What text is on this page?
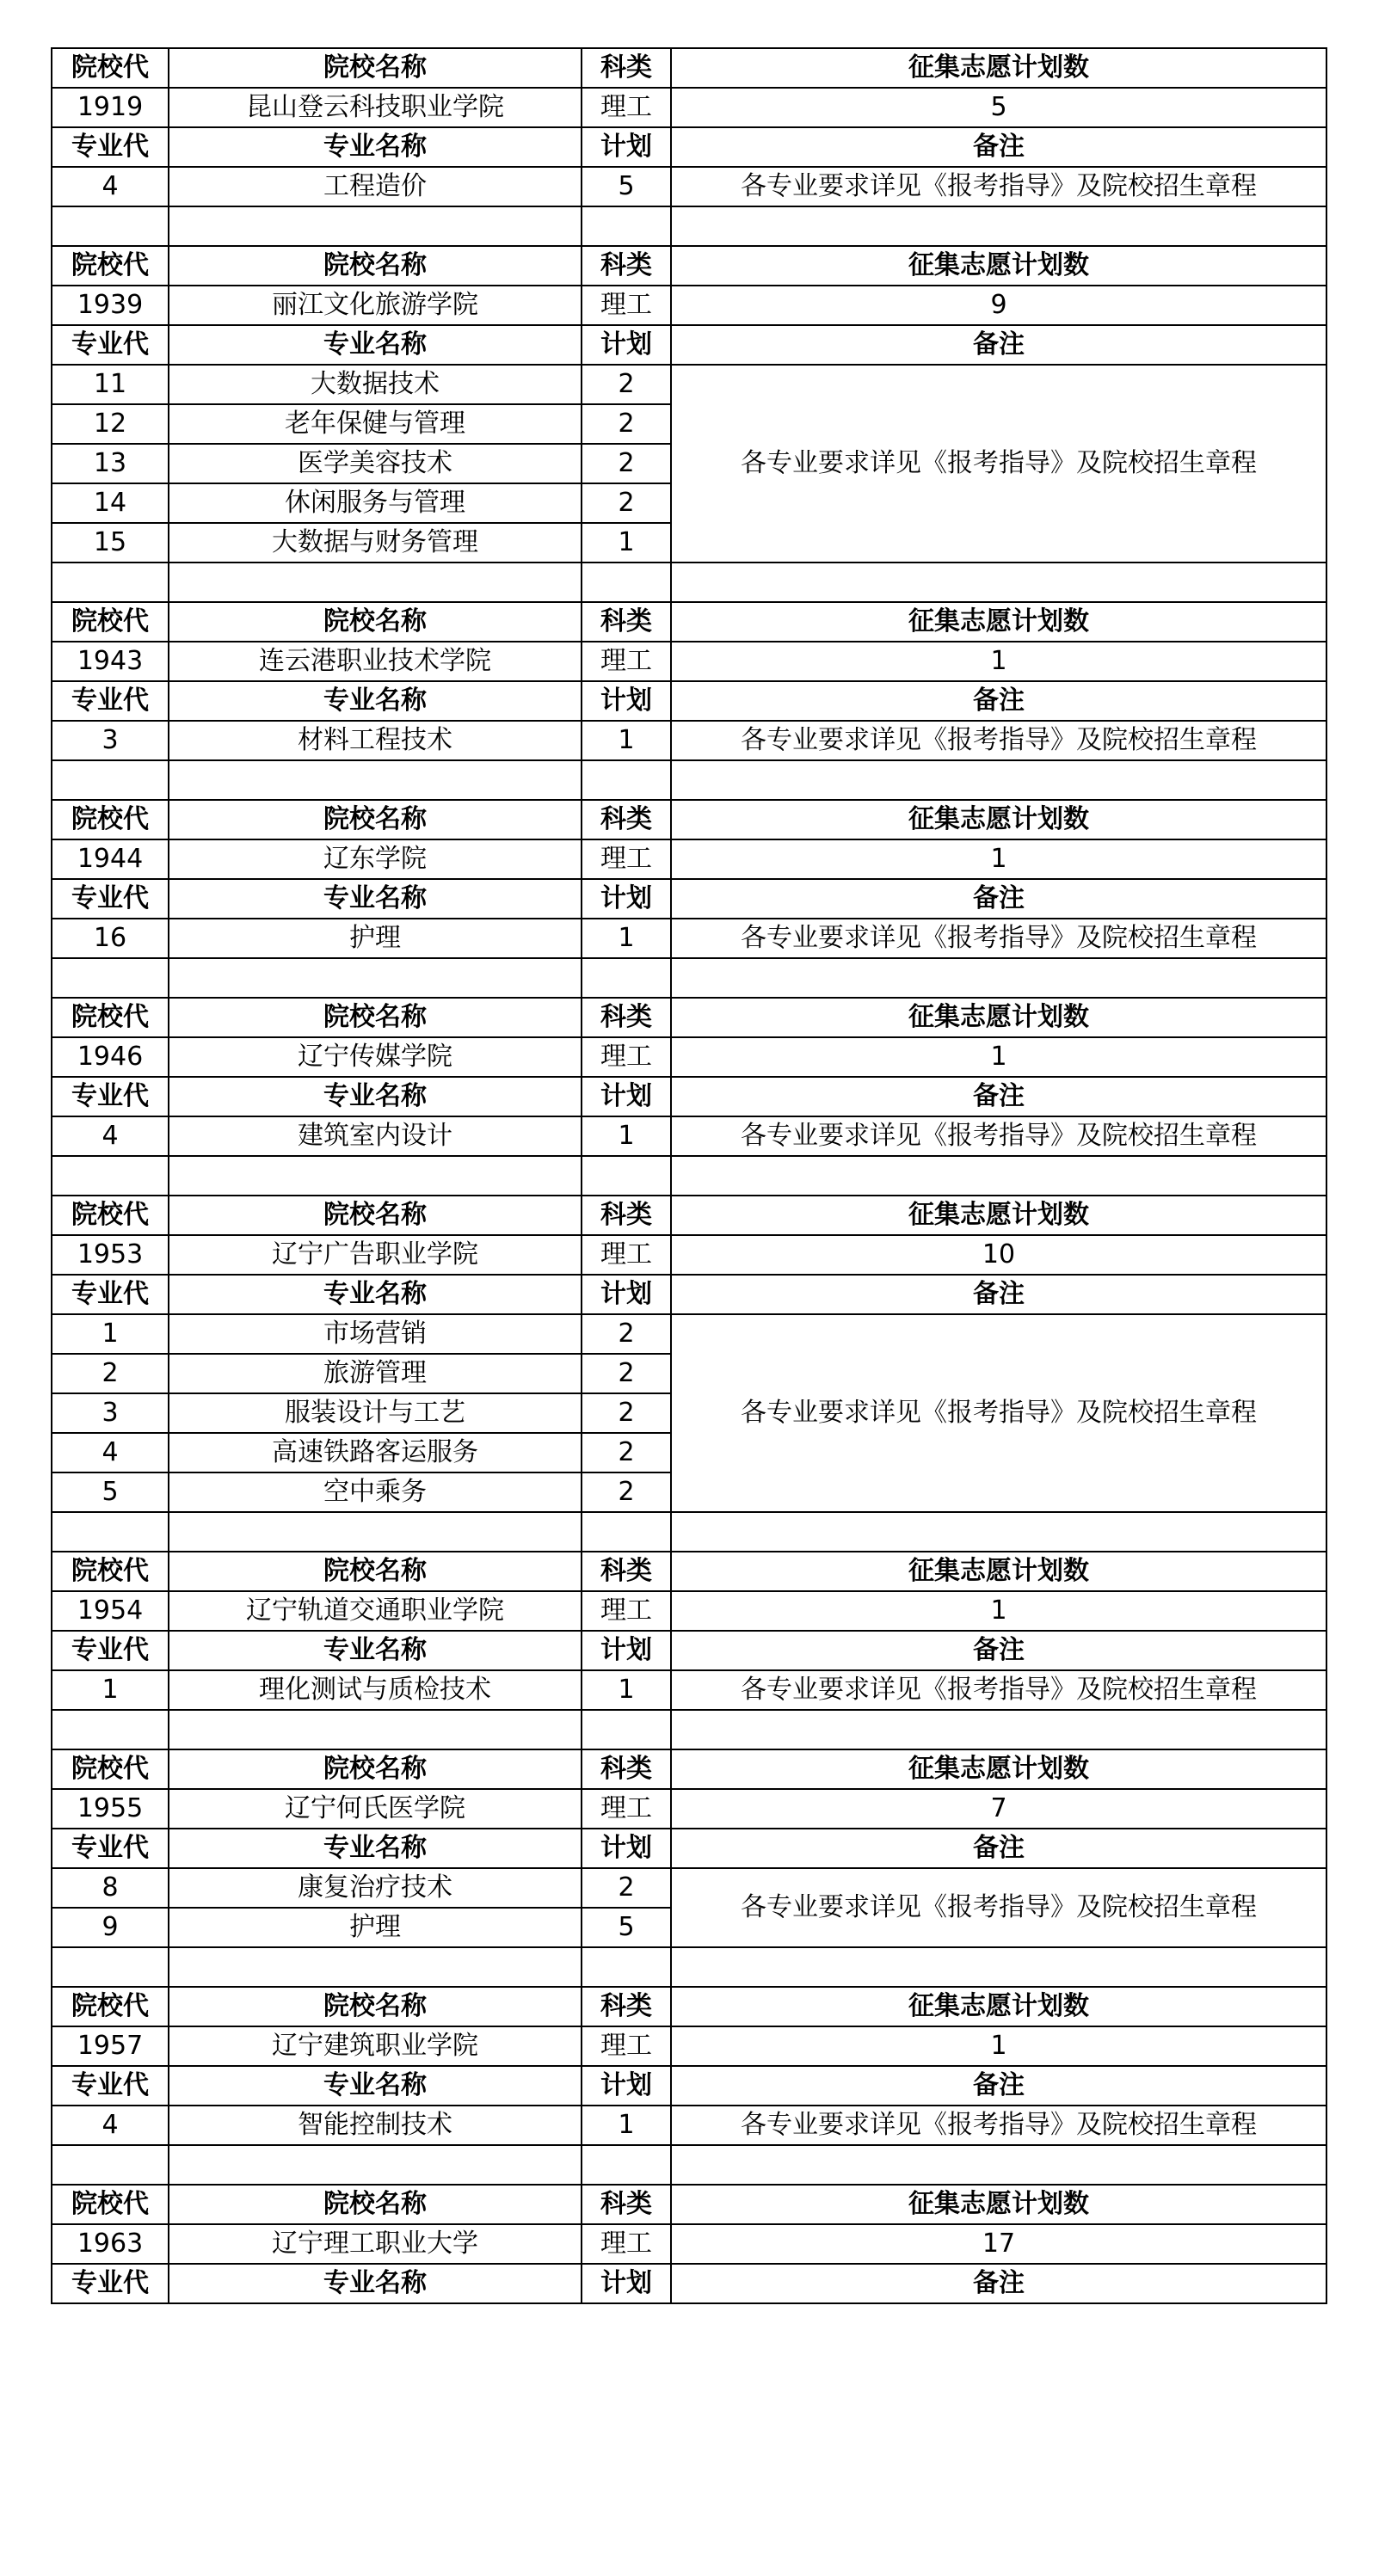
院校代	院校名称	科类	征集志愿计划数
1919	昆山登云科技职业学院	理工	5
专业代	专业名称	计划	备注
4	工程造价	5	各专业要求详见《报考指导》及院校招生章程

院校代	院校名称	科类	征集志愿计划数
1939	丽江文化旅游学院	理工	9
专业代	专业名称	计划	备注
11	大数据技术	2	各专业要求详见《报考指导》及院校招生章程
12	老年保健与管理	2	
13	医学美容技术	2	
14	休闲服务与管理	2	
15	大数据与财务管理	1	

院校代	院校名称	科类	征集志愿计划数
1943	连云港职业技术学院	理工	1
专业代	专业名称	计划	备注
3	材料工程技术	1	各专业要求详见《报考指导》及院校招生章程

院校代	院校名称	科类	征集志愿计划数
1944	辽东学院	理工	1
专业代	专业名称	计划	备注
16	护理	1	各专业要求详见《报考指导》及院校招生章程

院校代	院校名称	科类	征集志愿计划数
1946	辽宁传媒学院	理工	1
专业代	专业名称	计划	备注
4	建筑室内设计	1	各专业要求详见《报考指导》及院校招生章程

院校代	院校名称	科类	征集志愿计划数
1953	辽宁广告职业学院	理工	10
专业代	专业名称	计划	备注
1	市场营销	2	各专业要求详见《报考指导》及院校招生章程
2	旅游管理	2	
3	服装设计与工艺	2	
4	高速铁路客运服务	2	
5	空中乘务	2	

院校代	院校名称	科类	征集志愿计划数
1954	辽宁轨道交通职业学院	理工	1
专业代	专业名称	计划	备注
1	理化测试与质检技术	1	各专业要求详见《报考指导》及院校招生章程

院校代	院校名称	科类	征集志愿计划数
1955	辽宁何氏医学院	理工	7
专业代	专业名称	计划	备注
8	康复治疗技术	2	各专业要求详见《报考指导》及院校招生章程
9	护理	5	

院校代	院校名称	科类	征集志愿计划数
1957	辽宁建筑职业学院	理工	1
专业代	专业名称	计划	备注
4	智能控制技术	1	各专业要求详见《报考指导》及院校招生章程

院校代	院校名称	科类	征集志愿计划数
1963	辽宁理工职业大学	理工	17
专业代	专业名称	计划	备注
